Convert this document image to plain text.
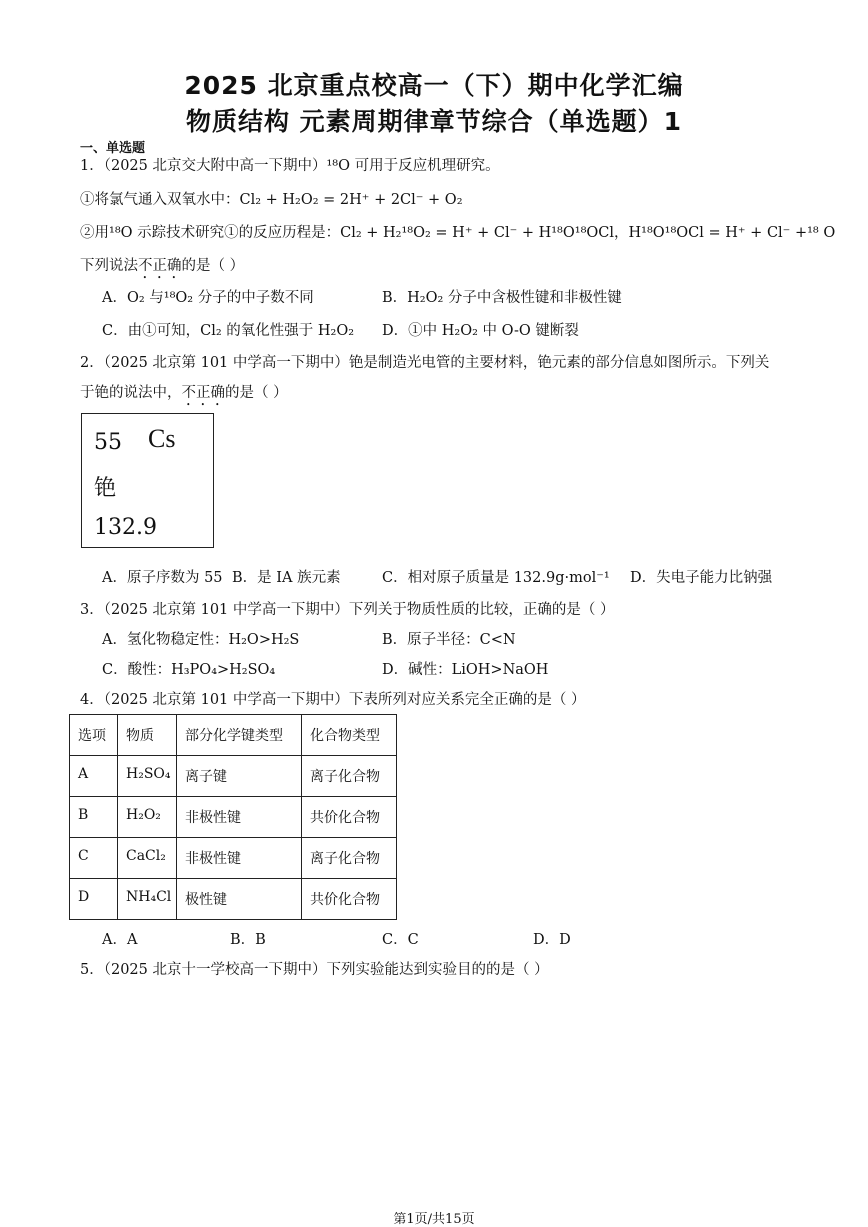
2025 北京重点校高一（下）期中化学汇编
物质结构 元素周期律章节综合（单选题）1
一、单选题
1．（2025 北京交大附中高一下期中）¹⁸O 可用于反应机理研究。
①将氯气通入双氧水中：Cl₂ + H₂O₂ = 2H⁺ + 2Cl⁻ + O₂
②用¹⁸O 示踪技术研究①的反应历程是：Cl₂ + H₂¹⁸O₂ = H⁺ + Cl⁻ + H¹⁸O¹⁸OCl，H¹⁸O¹⁸OCl = H⁺ + Cl⁻ +¹⁸ O
下列说法不正确的是（ ）
A．O₂ 与¹⁸O₂ 分子的中子数不同	B．H₂O₂ 分子中含极性键和非极性键
C．由①可知，Cl₂ 的氧化性强于 H₂O₂ D．①中 H₂O₂ 中 O-O 键断裂
2．（2025 北京第 101 中学高一下期中）铯是制造光电管的主要材料，铯元素的部分信息如图所示。下列关
于铯的说法中，不正确的是（ ）
55 Cs
铯
132.9
A．原子序数为 55 B．是 IA 族元素	C．相对原子质量是 132.9g·mol⁻¹ D．失电子能力比钠强
3．（2025 北京第 101 中学高一下期中）下列关于物质性质的比较，正确的是（ ）
A．氢化物稳定性：H₂O>H₂S	B．原子半径：C<N
C．酸性：H₃PO₄>H₂SO₄	D．碱性：LiOH>NaOH
4．（2025 北京第 101 中学高一下期中）下表所列对应关系完全正确的是（ ）
选项	物质	部分化学键类型	化合物类型
A	H₂SO₄	离子键	离子化合物
B	H₂O₂	非极性键	共价化合物
C	CaCl₂	非极性键	离子化合物
D	NH₄Cl	极性键	共价化合物
A．A	B．B	C．C	D．D
5．（2025 北京十一学校高一下期中）下列实验能达到实验目的的是（ ）
第1页/共15页
